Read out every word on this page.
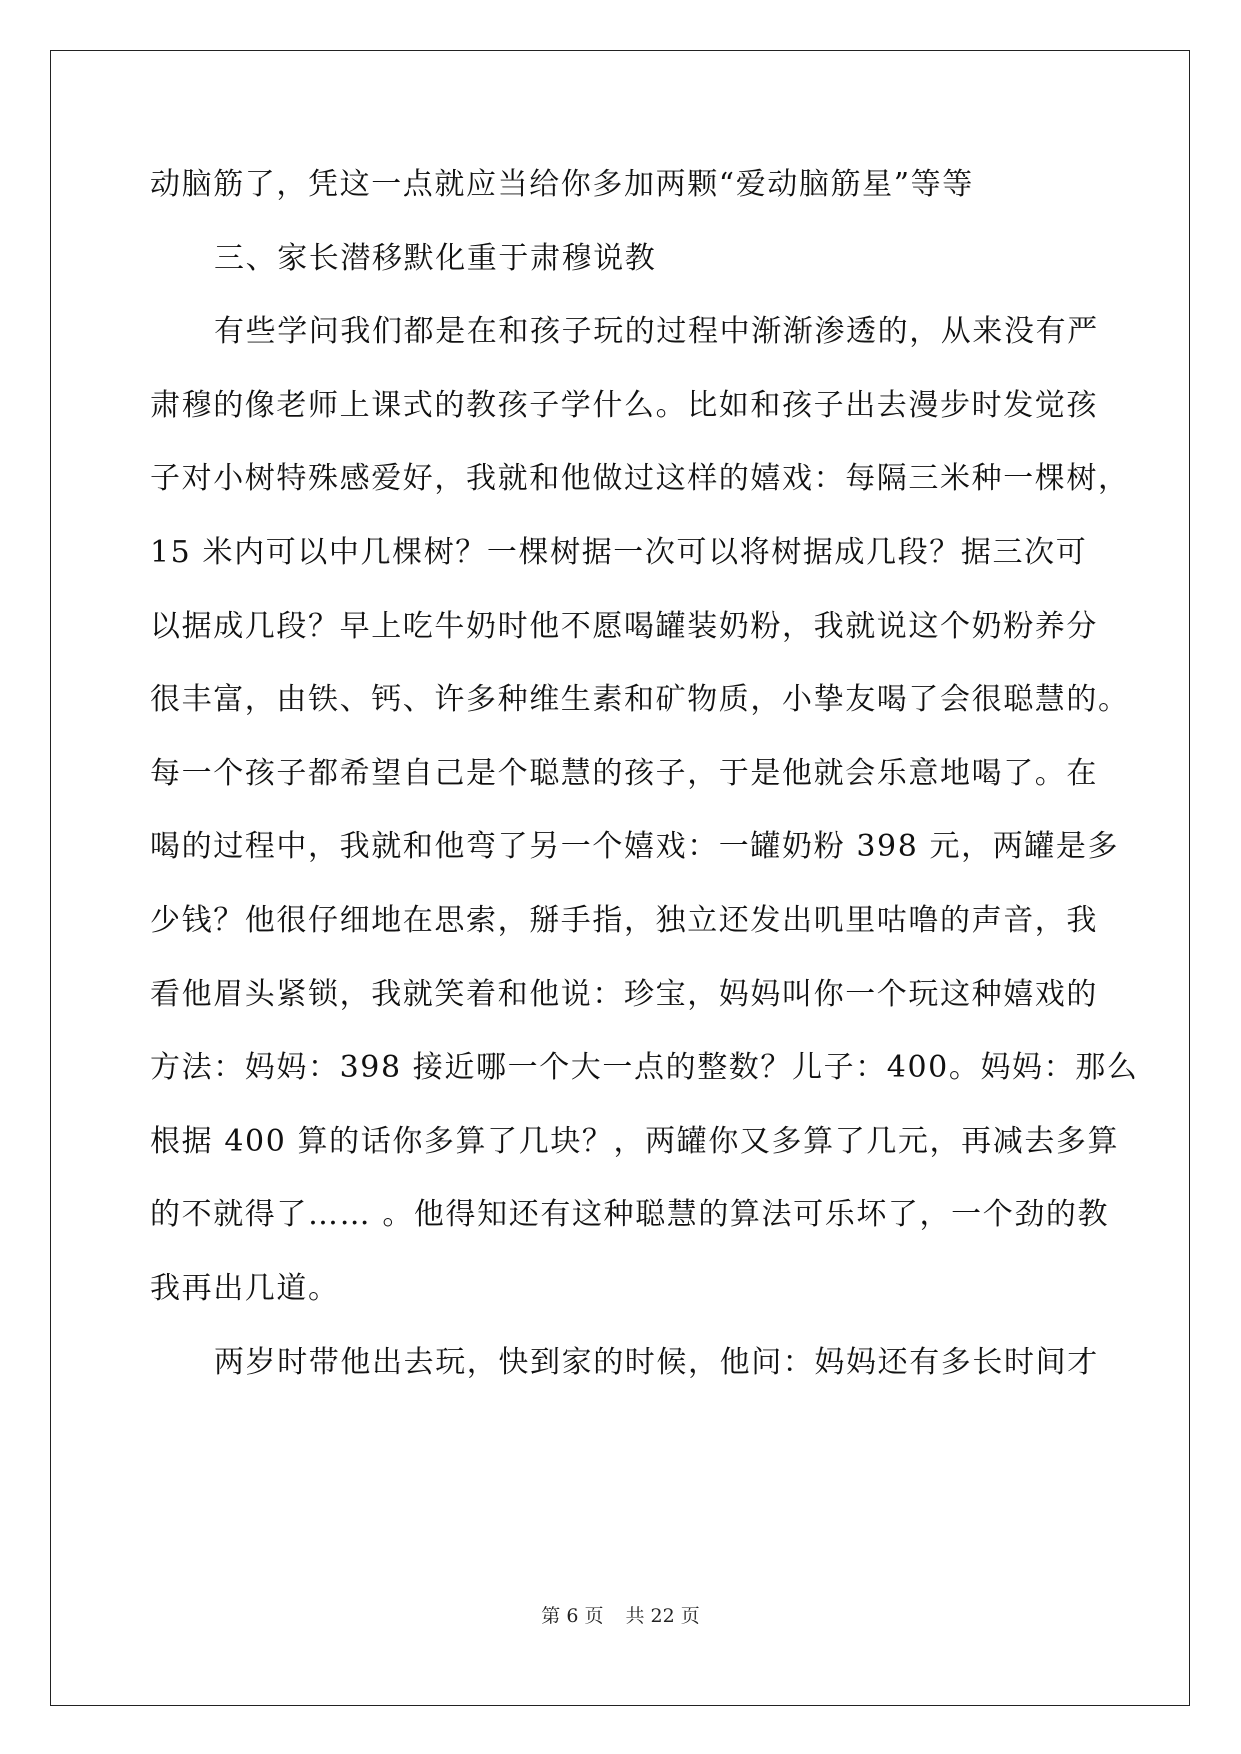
动脑筋了，凭这一点就应当给你多加两颗“爱动脑筋星”等等
三、家长潜移默化重于肃穆说教
有些学问我们都是在和孩子玩的过程中渐渐渗透的，从来没有严
肃穆的像老师上课式的教孩子学什么。比如和孩子出去漫步时发觉孩
子对小树特殊感爱好，我就和他做过这样的嬉戏：每隔三米种一棵树，
15 米内可以中几棵树？一棵树据一次可以将树据成几段？据三次可
以据成几段？早上吃牛奶时他不愿喝罐装奶粉，我就说这个奶粉养分
很丰富，由铁、钙、许多种维生素和矿物质，小挚友喝了会很聪慧的。
每一个孩子都希望自己是个聪慧的孩子，于是他就会乐意地喝了。在
喝的过程中，我就和他弯了另一个嬉戏：一罐奶粉 398 元，两罐是多
少钱？他很仔细地在思索，掰手指，独立还发出叽里咕噜的声音，我
看他眉头紧锁，我就笑着和他说：珍宝，妈妈叫你一个玩这种嬉戏的
方法：妈妈：398 接近哪一个大一点的整数？儿子：400。妈妈：那么
根据 400 算的话你多算了几块？，两罐你又多算了几元，再减去多算
的不就得了…… 。他得知还有这种聪慧的算法可乐坏了，一个劲的教
我再出几道。
两岁时带他出去玩，快到家的时候，他问：妈妈还有多长时间才
第 6 页 共 22 页
